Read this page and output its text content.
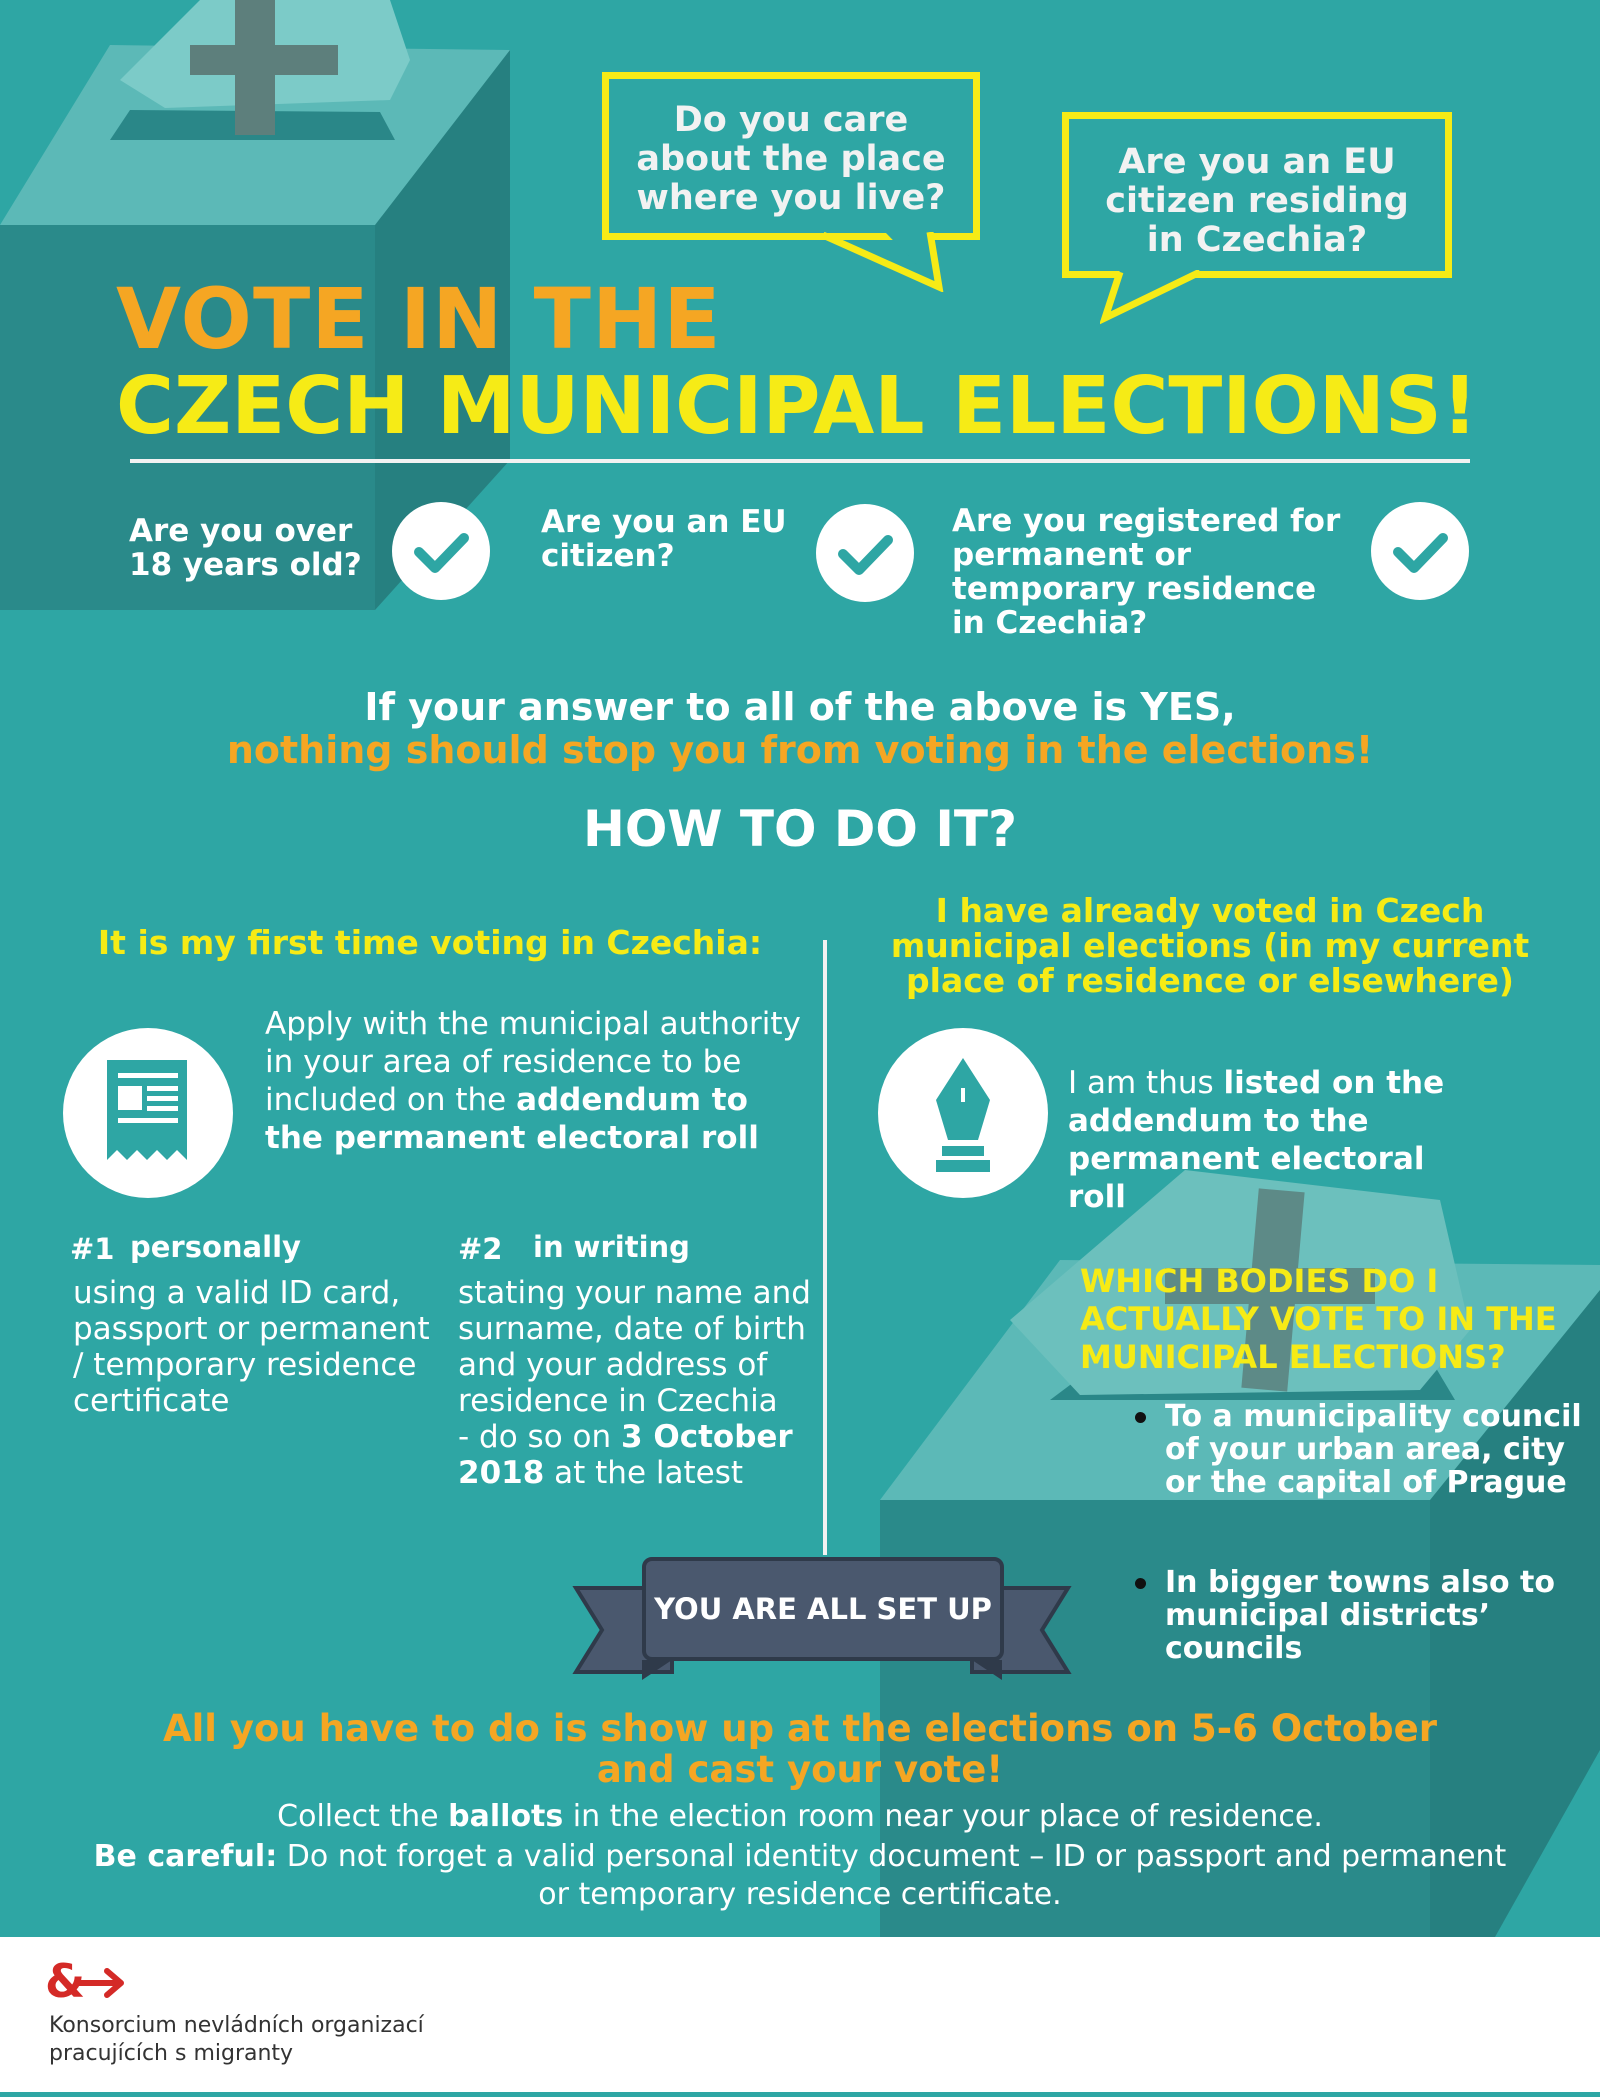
Do you care about the place where you live?
Are you an EU citizen residing in Czechia?
VOTE IN THE
CZECH MUNICIPAL ELECTIONS!
Are you over 18 years old?
Are you an EU citizen?
Are you registered for permanent or temporary residence in Czechia?
If your answer to all of the above is YES,
nothing should stop you from voting in the elections!
HOW TO DO IT?
It is my first time voting in Czechia:
Apply with the municipal authority in your area of residence to be included on the addendum to the permanent electoral roll
#1 personally
using a valid ID card, passport or permanent / temporary residence certificate
#2 in writing
stating your name and surname, date of birth and your address of residence in Czechia
- do so on 3 October 2018 at the latest
I have already voted in Czech municipal elections (in my current place of residence or elsewhere)
I am thus listed on the addendum to the permanent electoral roll
WHICH BODIES DO I ACTUALLY VOTE TO IN THE MUNICIPAL ELECTIONS?
To a municipality council of your urban area, city or the capital of Prague
In bigger towns also to municipal districts’ councils
YOU ARE ALL SET UP
All you have to do is show up at the elections on 5-6 October
and cast your vote!
Collect the ballots in the election room near your place of residence.
Be careful: Do not forget a valid personal identity document – ID or passport and permanent
or temporary residence certificate.
&
Konsorcium nevládních organizací
pracujících s migranty
